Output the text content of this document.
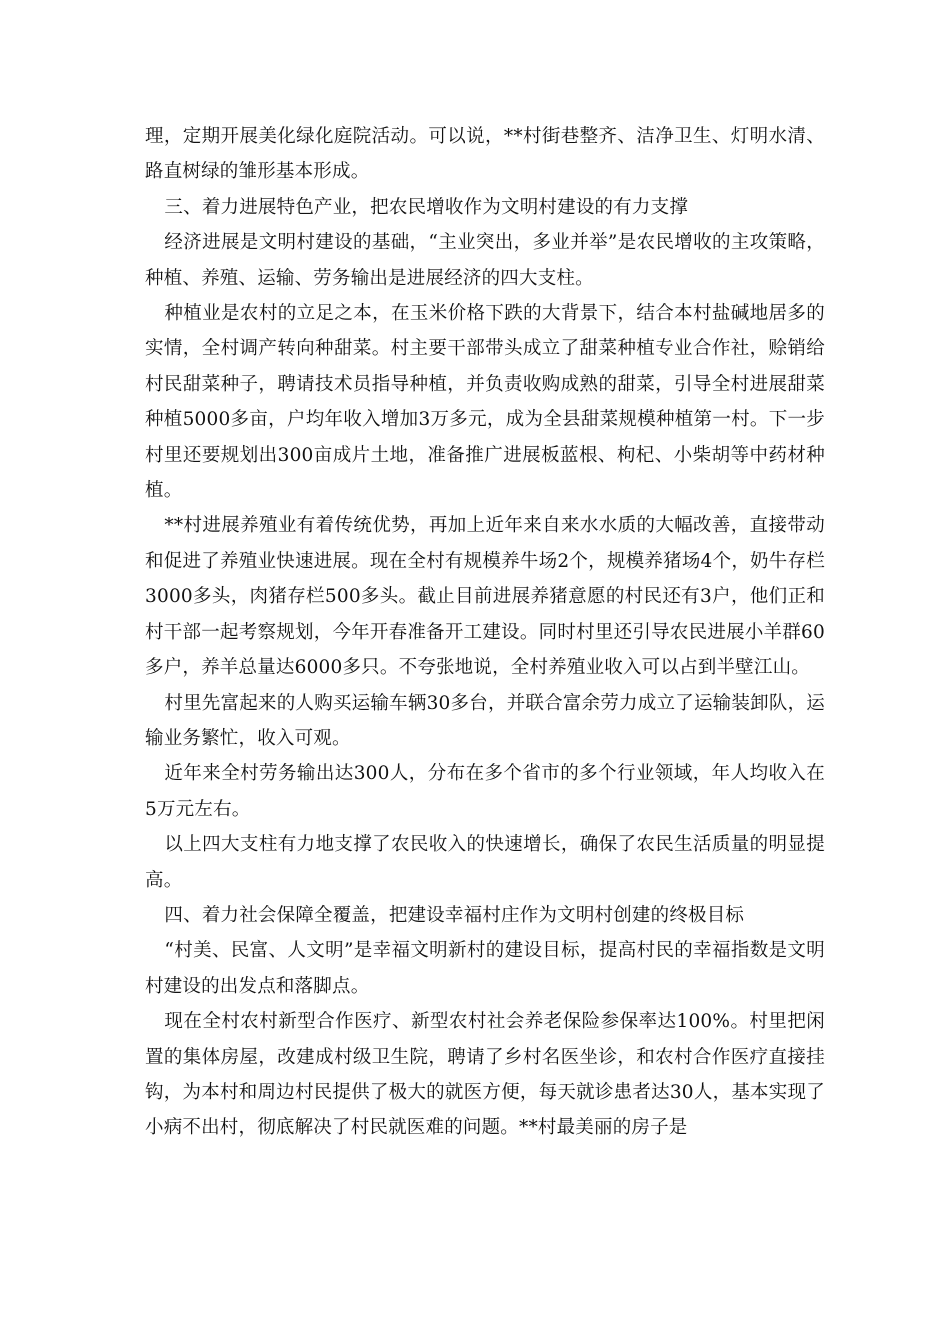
理，定期开展美化绿化庭院活动。可以说，**村街巷整齐、洁净卫生、灯明水清、路直树绿的雏形基本形成。

三、着力进展特色产业，把农民增收作为文明村建设的有力支撑

经济进展是文明村建设的基础，“主业突出，多业并举”是农民增收的主攻策略，种植、养殖、运输、劳务输出是进展经济的四大支柱。

种植业是农村的立足之本，在玉米价格下跌的大背景下，结合本村盐碱地居多的实情，全村调产转向种甜菜。村主要干部带头成立了甜菜种植专业合作社，赊销给村民甜菜种子，聘请技术员指导种植，并负责收购成熟的甜菜，引导全村进展甜菜种植5000多亩，户均年收入增加3万多元，成为全县甜菜规模种植第一村。下一步村里还要规划出300亩成片土地，准备推广进展板蓝根、枸杞、小柴胡等中药材种植。

**村进展养殖业有着传统优势，再加上近年来自来水水质的大幅改善，直接带动和促进了养殖业快速进展。现在全村有规模养牛场2个，规模养猪场4个，奶牛存栏3000多头，肉猪存栏500多头。截止目前进展养猪意愿的村民还有3户，他们正和村干部一起考察规划，今年开春准备开工建设。同时村里还引导农民进展小羊群60多户，养羊总量达6000多只。不夸张地说，全村养殖业收入可以占到半壁江山。

村里先富起来的人购买运输车辆30多台，并联合富余劳力成立了运输装卸队，运输业务繁忙，收入可观。

近年来全村劳务输出达300人，分布在多个省市的多个行业领域，年人均收入在5万元左右。

以上四大支柱有力地支撑了农民收入的快速增长，确保了农民生活质量的明显提高。

四、着力社会保障全覆盖，把建设幸福村庄作为文明村创建的终极目标

“村美、民富、人文明”是幸福文明新村的建设目标，提高村民的幸福指数是文明村建设的出发点和落脚点。

现在全村农村新型合作医疗、新型农村社会养老保险参保率达100%。村里把闲置的集体房屋，改建成村级卫生院，聘请了乡村名医坐诊，和农村合作医疗直接挂钩，为本村和周边村民提供了极大的就医方便，每天就诊患者达30人，基本实现了小病不出村，彻底解决了村民就医难的问题。**村最美丽的房子是
